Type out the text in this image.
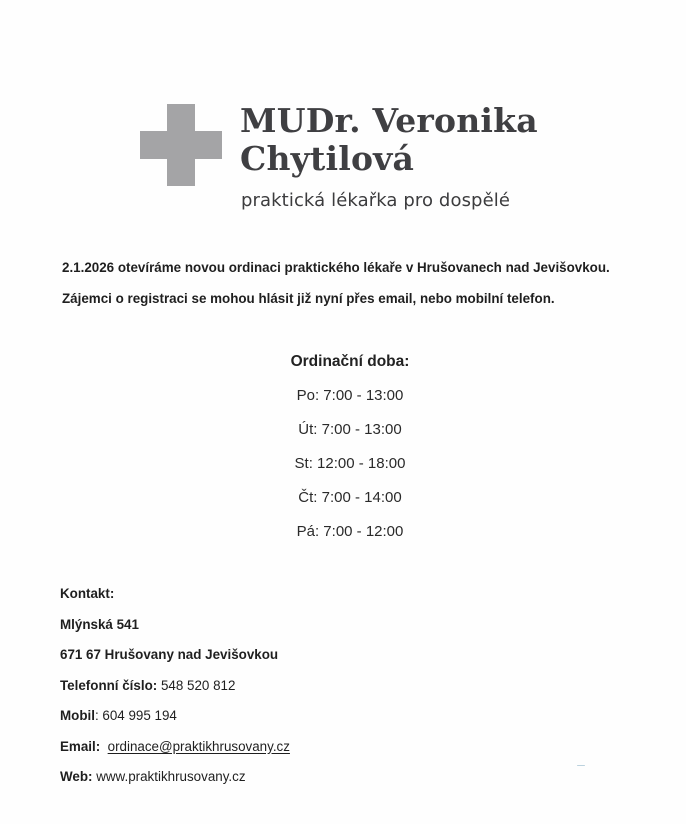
MUDr. Veronika
Chytilová
praktická lékařka pro dospělé
2.1.2026 otevíráme novou ordinaci praktického lékaře v Hrušovanech nad Jevišovkou.
Zájemci o registraci se mohou hlásit již nyní přes email, nebo mobilní telefon.
Ordinační doba:
Po: 7:00 - 13:00
Út: 7:00 - 13:00
St: 12:00 - 18:00
Čt: 7:00 - 14:00
Pá: 7:00 - 12:00
Kontakt:
Mlýnská 541
671 67 Hrušovany nad Jevišovkou
Telefonní číslo: 548 520 812
Mobil: 604 995 194
Email: ordinace@praktikhrusovany.cz
Web: www.praktikhrusovany.cz
